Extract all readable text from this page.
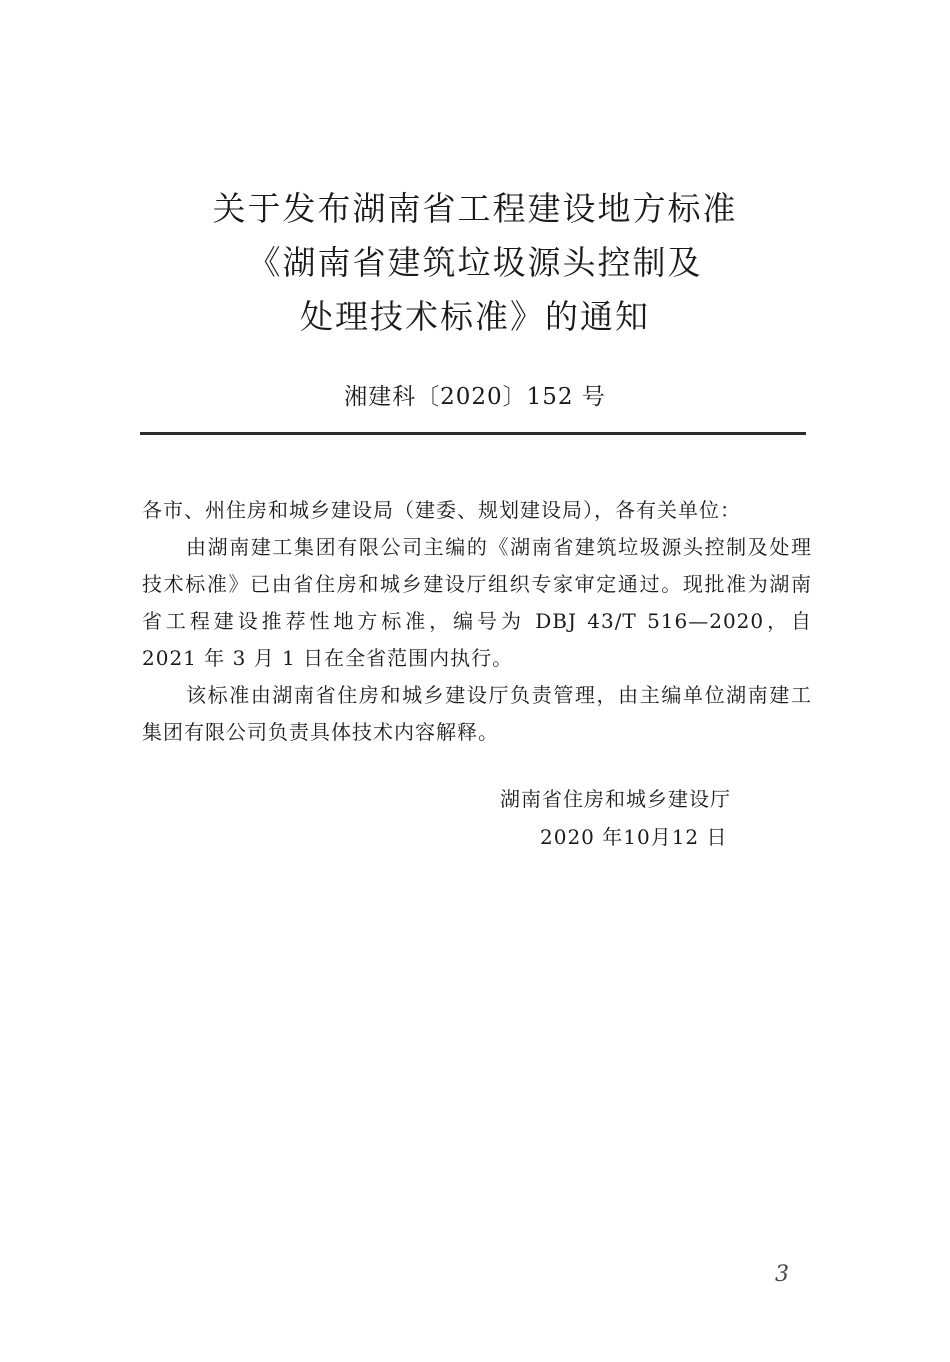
关于发布湖南省工程建设地方标准
《湖南省建筑垃圾源头控制及
处理技术标准》的通知
湘建科〔2020〕152 号

各市、州住房和城乡建设局（建委、规划建设局），各有关单位：

由湖南建工集团有限公司主编的《湖南省建筑垃圾源头控制及处理技术标准》已由省住房和城乡建设厅组织专家审定通过。现批准为湖南省工程建设推荐性地方标准，编号为 DBJ 43/T 516—2020，自 2021 年 3 月 1 日在全省范围内执行。

该标准由湖南省住房和城乡建设厅负责管理，由主编单位湖南建工集团有限公司负责具体技术内容解释。

湖南省住房和城乡建设厅
2020 年10月12 日
3
